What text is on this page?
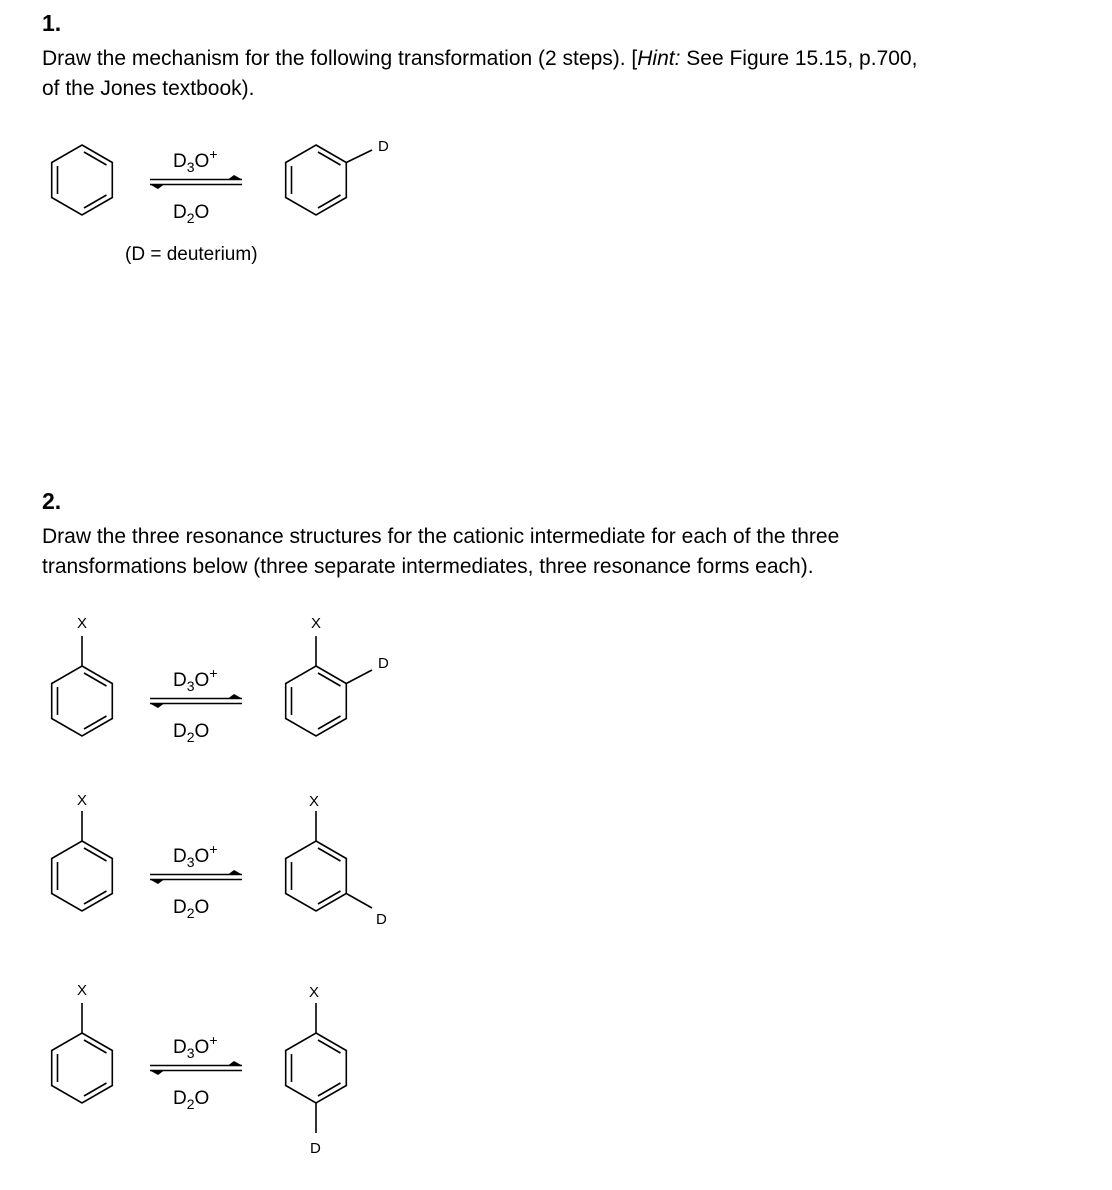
1.
Draw the mechanism for the following transformation (2 steps). [Hint: See Figure 15.15, p.700,
of the Jones textbook).
2.
Draw the three resonance structures for the cationic intermediate for each of the three
transformations below (three separate intermediates, three resonance forms each).
$D_3O^+$
$D_2O$
D
(D = deuterium)
X
$D_3O^+$
$D_2O$
X
D
X
$D_3O^+$
$D_2O$
X
D
X
$D_3O^+$
$D_2O$
X
D
